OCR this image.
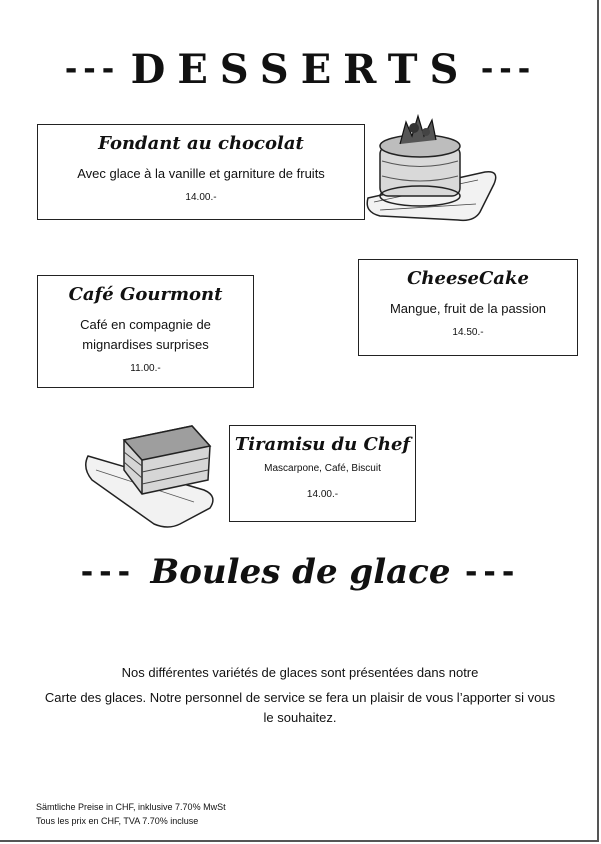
--- DESSERTS ---
Fondant au chocolat
Avec glace à la vanille et garniture de fruits
14.00.-
Café Gourmont
Café en compagnie de
mignardises surprises
11.00.-
CheeseCake
Mangue, fruit de la passion
14.50.-
Tiramisu du Chef
Mascarpone, Café, Biscuit
14.00.-
--- Boules de glace ---
Nos différentes variétés de glaces sont présentées dans notre
Carte des glaces. Notre personnel de service se fera un plaisir de vous l’apporter si vous le souhaitez.
Sämtliche Preise in CHF, inklusive 7.70% MwSt
Tous les prix en CHF, TVA 7.70% incluse
